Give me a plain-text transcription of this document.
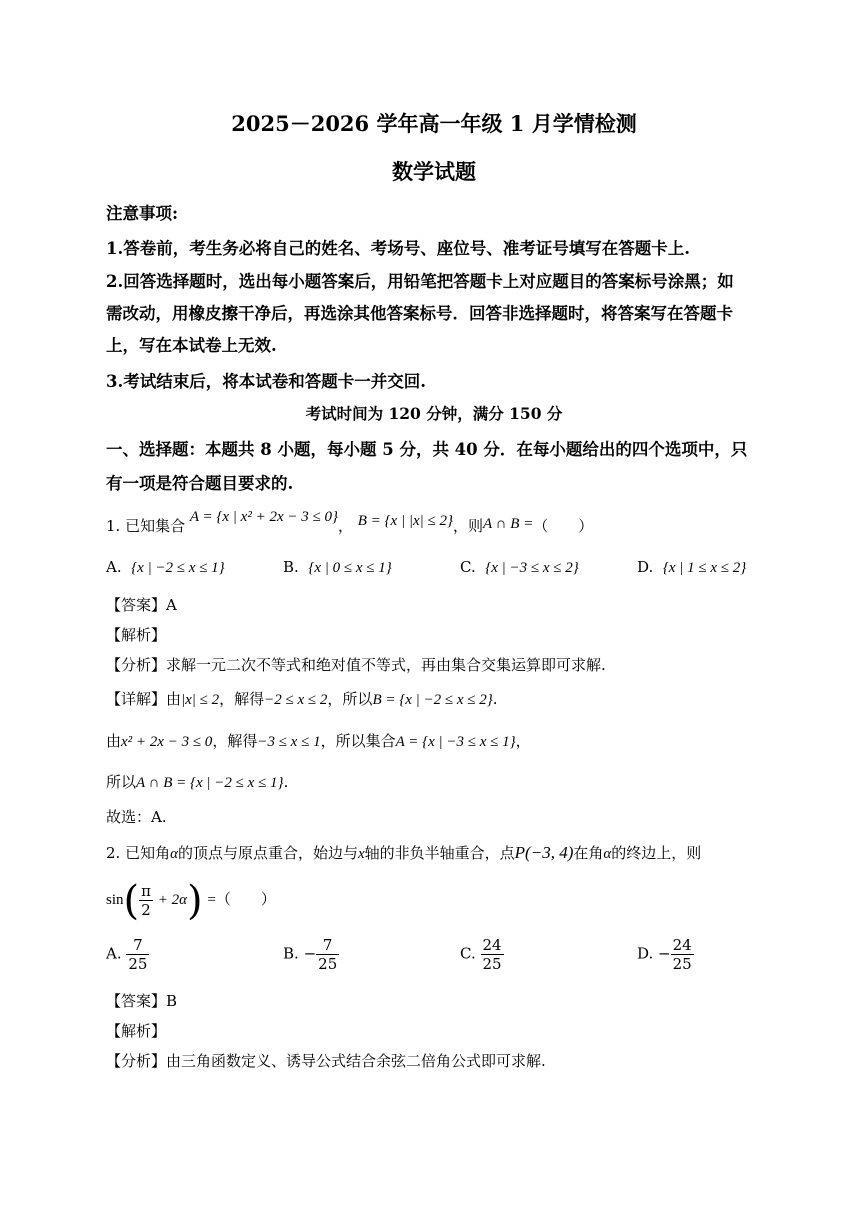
2025－2026 学年高一年级 1 月学情检测
数学试题
注意事项:
1.答卷前，考生务必将自己的姓名、考场号、座位号、准考证号填写在答题卡上.
2.回答选择题时，选出每小题答案后，用铅笔把答题卡上对应题目的答案标号涂黑；如
需改动，用橡皮擦干净后，再选涂其他答案标号．回答非选择题时，将答案写在答题卡
上，写在本试卷上无效.
3.考试结束后，将本试卷和答题卡一并交回.
考试时间为 120 分钟，满分 150 分
一、选择题：本题共 8 小题，每小题 5 分，共 40 分．在每小题给出的四个选项中，只
有一项是符合题目要求的.
1. 已知集合 A = {x | x² + 2x − 3 ≤ 0}， B = {x | |x| ≤ 2}，则A ∩ B =（　　）
A. {x | −2 ≤ x ≤ 1}	B. {x | 0 ≤ x ≤ 1}	C. {x | −3 ≤ x ≤ 2}	D. {x | 1 ≤ x ≤ 2}
【答案】A
【解析】
【分析】求解一元二次不等式和绝对值不等式，再由集合交集运算即可求解.
【详解】由|x| ≤ 2，解得−2 ≤ x ≤ 2，所以B = {x | −2 ≤ x ≤ 2}.
由x² + 2x − 3 ≤ 0，解得−3 ≤ x ≤ 1，所以集合A = {x | −3 ≤ x ≤ 1}，
所以A ∩ B = {x | −2 ≤ x ≤ 1}.
故选：A.
2. 已知角α的顶点与原点重合，始边与x轴的非负半轴重合，点P(−3, 4)在角α的终边上，则
$\sin( \frac{\pi}{2} + 2\alpha)$ =（　　）
A. $\frac{7}{25}$	B. − $\frac{7}{25}$	C. $\frac{24}{25}$	D. − $\frac{24}{25}$
【答案】B
【解析】
【分析】由三角函数定义、诱导公式结合余弦二倍角公式即可求解.
